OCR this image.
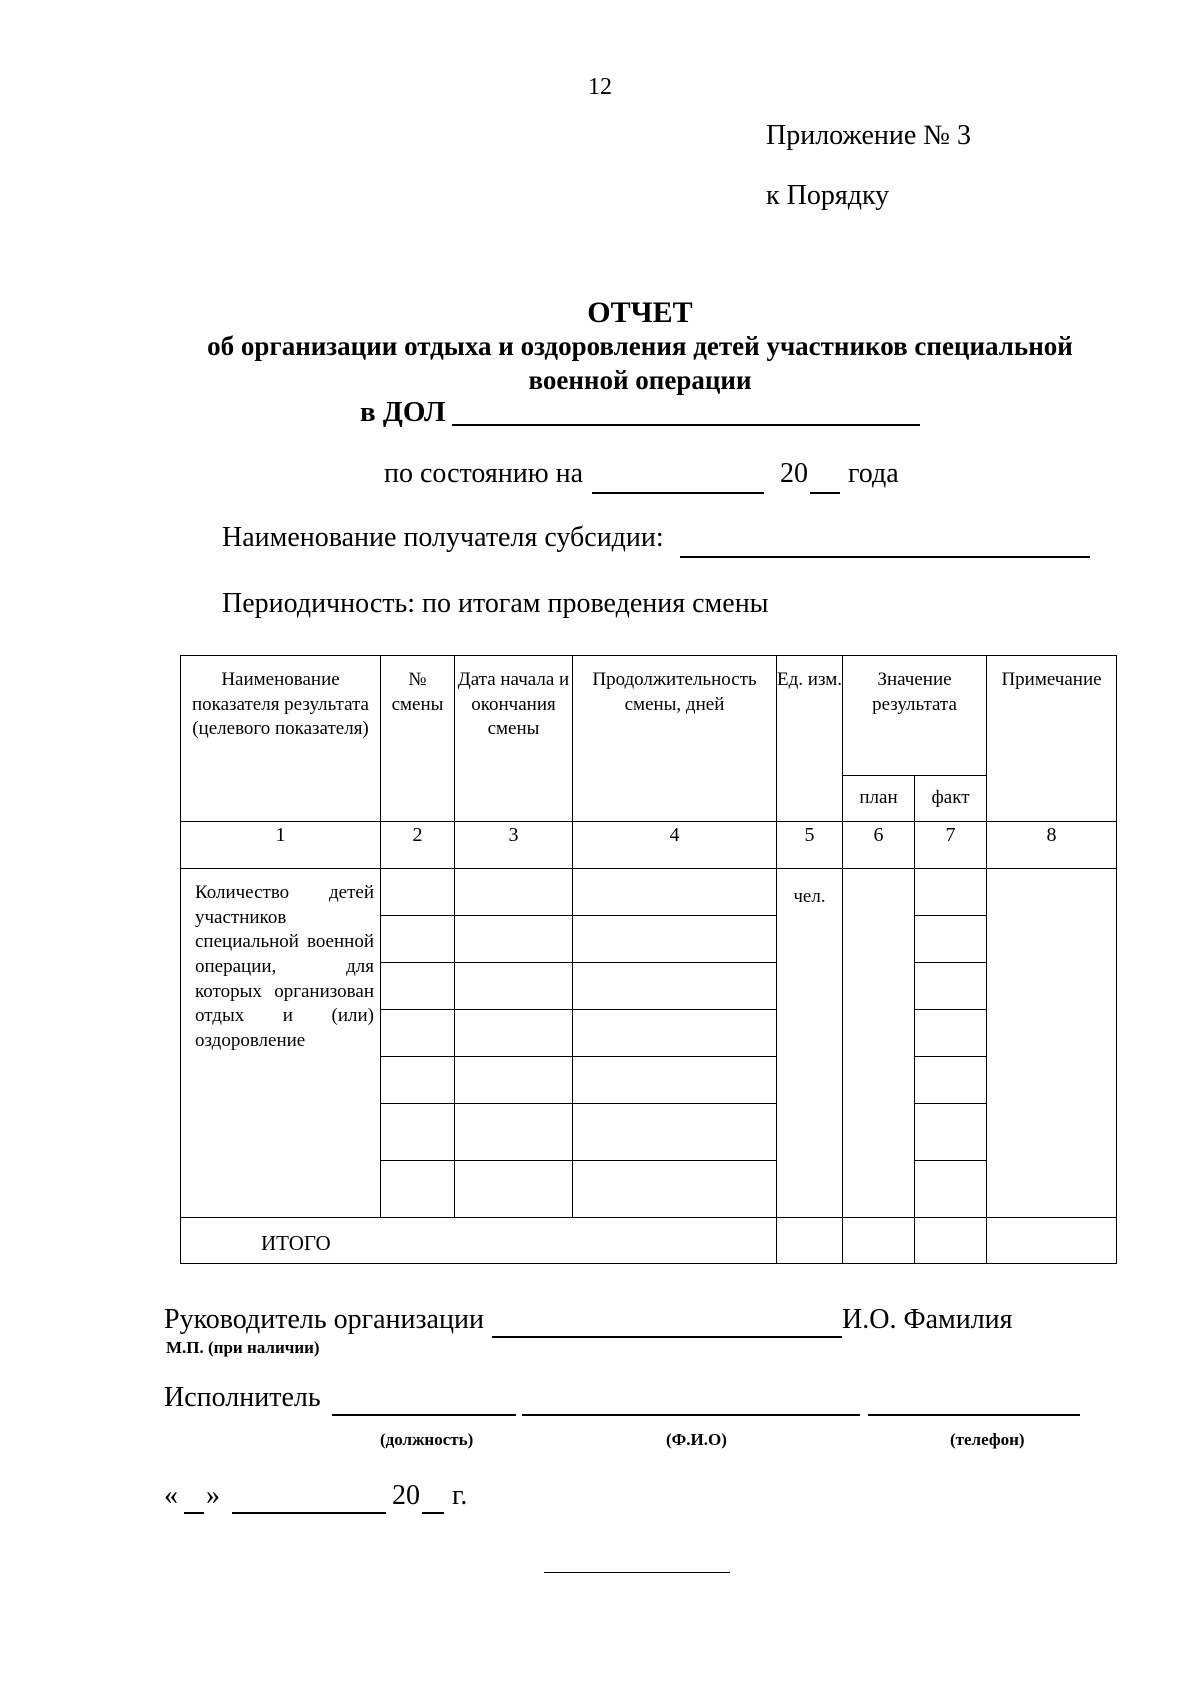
12
Приложение № 3
к Порядку
ОТЧЕТ
об организации отдыха и оздоровления детей участников специальной
военной операции
в ДОЛ
по состоянию на	20 года
Наименование получателя субсидии:
Периодичность: по итогам проведения смены
Наименование показателя результата (целевого показателя)	№ смены	Дата начала и окончания смены	Продолжительность смены, дней	Ед. изм.	Значение результата		Примечание
					план	факт	
1	2	3	4	5	6	7	8
Количество детей участников специальной военной операции, для которых организован отдых и (или) оздоровление				чел.			

ИТОГО							
Руководитель организации	И.О. Фамилия
М.П. (при наличии)
Исполнитель
(должность)	(Ф.И.О)	(телефон)
« »	20 г.
